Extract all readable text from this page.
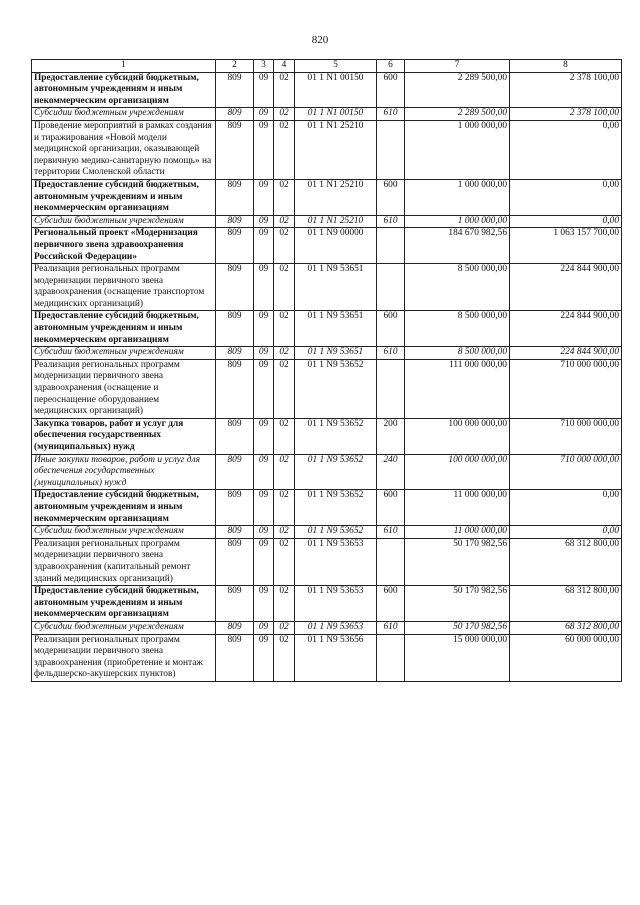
820
1	2	3	4	5	6	7	8
Предоставление субсидий бюджетным, автономным учреждениям и иным некоммерческим организациям	809	09	02	01 1 N1 00150	600	2 289 500,00	2 378 100,00
Субсидии бюджетным учреждениям	809	09	02	01 1 N1 00150	610	2 289 500,00	2 378 100,00
Проведение мероприятий в рамках создания и тиражирования «Новой модели медицинской организации, оказывающей первичную медико-санитарную помощь» на территории Смоленской области	809	09	02	01 1 N1 25210		1 000 000,00	0,00
Предоставление субсидий бюджетным, автономным учреждениям и иным некоммерческим организациям	809	09	02	01 1 N1 25210	600	1 000 000,00	0,00
Субсидии бюджетным учреждениям	809	09	02	01 1 N1 25210	610	1 000 000,00	0,00
Региональный проект «Модернизация первичного звена здравоохранения Российской Федерации»	809	09	02	01 1 N9 00000		184 670 982,56	1 063 157 700,00
Реализация региональных программ модернизации первичного звена здравоохранения (оснащение транспортом медицинских организаций)	809	09	02	01 1 N9 53651		8 500 000,00	224 844 900,00
Предоставление субсидий бюджетным, автономным учреждениям и иным некоммерческим организациям	809	09	02	01 1 N9 53651	600	8 500 000,00	224 844 900,00
Субсидии бюджетным учреждениям	809	09	02	01 1 N9 53651	610	8 500 000,00	224 844 900,00
Реализация региональных программ модернизации первичного звена здравоохранения (оснащение и переоснащение оборудованием медицинских организаций)	809	09	02	01 1 N9 53652		111 000 000,00	710 000 000,00
Закупка товаров, работ и услуг для обеспечения государственных (муниципальных) нужд	809	09	02	01 1 N9 53652	200	100 000 000,00	710 000 000,00
Иные закупки товаров, работ и услуг для обеспечения государственных (муниципальных) нужд	809	09	02	01 1 N9 53652	240	100 000 000,00	710 000 000,00
Предоставление субсидий бюджетным, автономным учреждениям и иным некоммерческим организациям	809	09	02	01 1 N9 53652	600	11 000 000,00	0,00
Субсидии бюджетным учреждениям	809	09	02	01 1 N9 53652	610	11 000 000,00	0,00
Реализация региональных программ модернизации первичного звена здравоохранения (капитальный ремонт зданий медицинских организаций)	809	09	02	01 1 N9 53653		50 170 982,56	68 312 800,00
Предоставление субсидий бюджетным, автономным учреждениям и иным некоммерческим организациям	809	09	02	01 1 N9 53653	600	50 170 982,56	68 312 800,00
Субсидии бюджетным учреждениям	809	09	02	01 1 N9 53653	610	50 170 982,56	68 312 800,00
Реализация региональных программ модернизации первичного звена здравоохранения (приобретение и монтаж фельдшерско-акушерских пунктов)	809	09	02	01 1 N9 53656		15 000 000,00	60 000 000,00
